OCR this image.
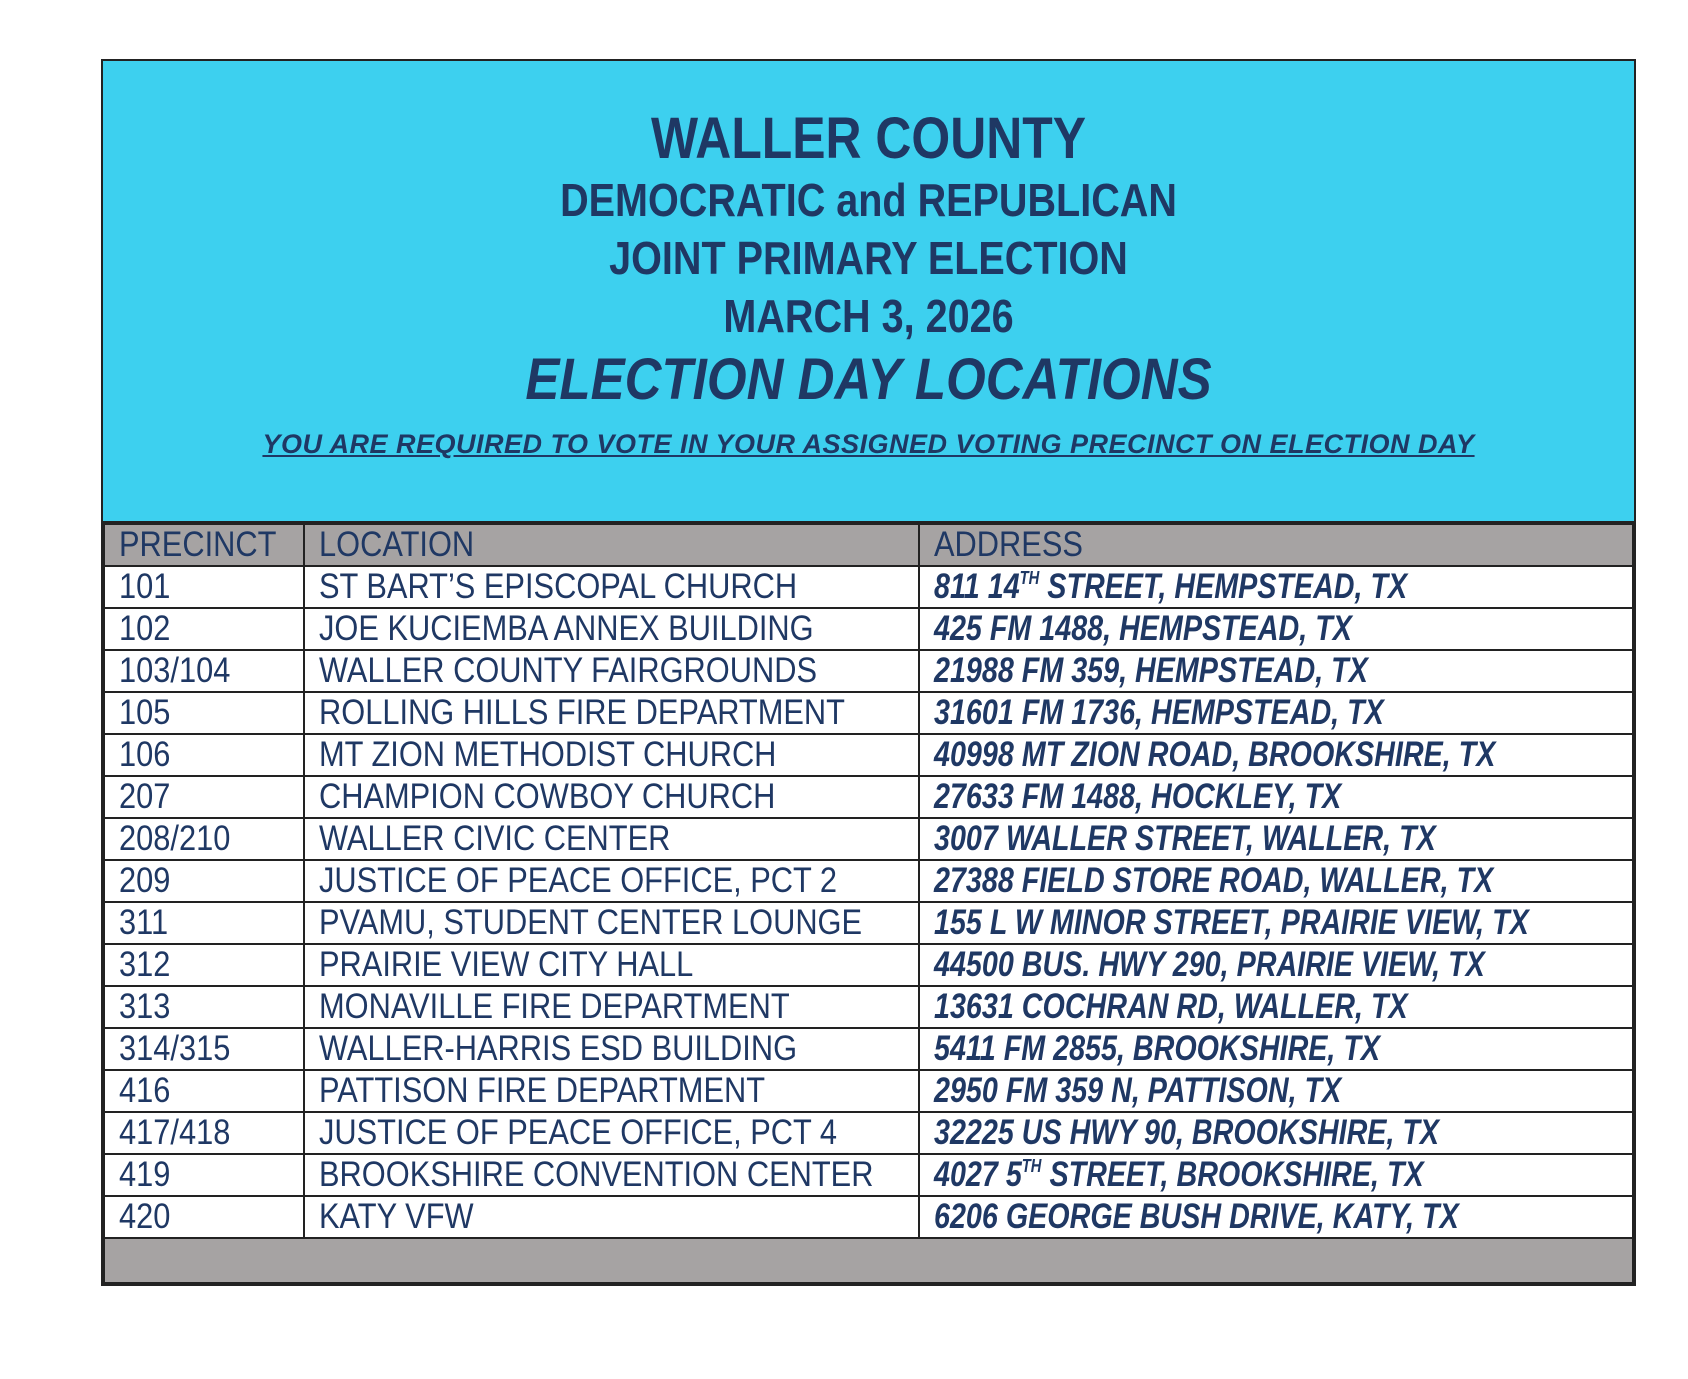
WALLER COUNTY
DEMOCRATIC and REPUBLICAN
JOINT PRIMARY ELECTION
MARCH 3, 2026
ELECTION DAY LOCATIONS
YOU ARE REQUIRED TO VOTE IN YOUR ASSIGNED VOTING PRECINCT ON ELECTION DAY
PRECINCT	LOCATION	ADDRESS
101	ST BART’S EPISCOPAL CHURCH	811 14TH STREET, HEMPSTEAD, TX
102	JOE KUCIEMBA ANNEX BUILDING	425 FM 1488, HEMPSTEAD, TX
103/104	WALLER COUNTY FAIRGROUNDS	21988 FM 359, HEMPSTEAD, TX
105	ROLLING HILLS FIRE DEPARTMENT	31601 FM 1736, HEMPSTEAD, TX
106	MT ZION METHODIST CHURCH	40998 MT ZION ROAD, BROOKSHIRE, TX
207	CHAMPION COWBOY CHURCH	27633 FM 1488, HOCKLEY, TX
208/210	WALLER CIVIC CENTER	3007 WALLER STREET, WALLER, TX
209	JUSTICE OF PEACE OFFICE, PCT 2	27388 FIELD STORE ROAD, WALLER, TX
311	PVAMU, STUDENT CENTER LOUNGE	155 L W MINOR STREET, PRAIRIE VIEW, TX
312	PRAIRIE VIEW CITY HALL	44500 BUS. HWY 290, PRAIRIE VIEW, TX
313	MONAVILLE FIRE DEPARTMENT	13631 COCHRAN RD, WALLER, TX
314/315	WALLER-HARRIS ESD BUILDING	5411 FM 2855, BROOKSHIRE, TX
416	PATTISON FIRE DEPARTMENT	2950 FM 359 N, PATTISON, TX
417/418	JUSTICE OF PEACE OFFICE, PCT 4	32225 US HWY 90, BROOKSHIRE, TX
419	BROOKSHIRE CONVENTION CENTER	4027 5TH STREET, BROOKSHIRE, TX
420	KATY VFW	6206 GEORGE BUSH DRIVE, KATY, TX
